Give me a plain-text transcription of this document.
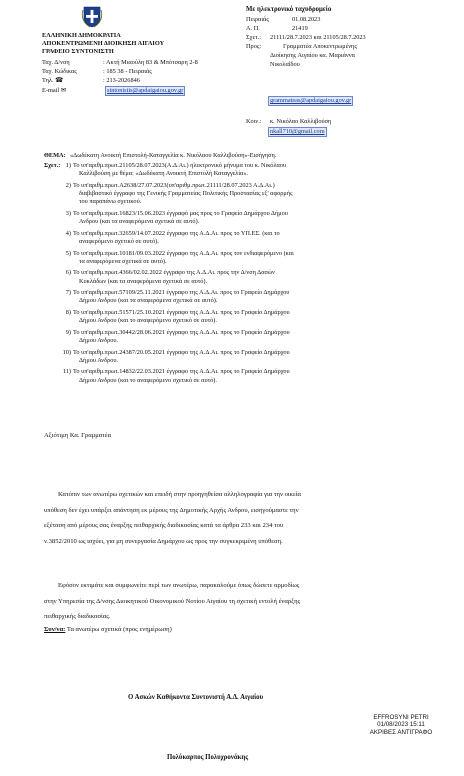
ΕΛΛΗΝΙΚΗ ΔΗΜΟΚΡΑΤΙΑ
ΑΠΟΚΕΝΤΡΩΜΕΝΗ ΔΙΟΙΚΗΣΗ ΑΙΓΑΙΟΥ
ΓΡΑΦΕΙΟ ΣΥΝΤΟΝΙΣΤΗ
Ταχ. Δ/νση	: Ακτή Μιαούλη 83 & Μπότσαρη 2-8
Ταχ. Κώδικας	: 185 38 - Πειραιάς
Τηλ. ☎	: 213-2026846
E-mail ✉	sintonistis@apdaigaiou.gov.gr
Με ηλεκτρονικό ταχυδρομείο
Πειραιάς	01.08.2023
Α. Π.	21419
Σχετ.: 21111/28.7.2023 και 21105/28.7.2023
Προς:	Γραμματέα Αποκεντρωμένης
Διοίκησης Αιγαίου κα. Μαριάννα
Νικολαΐδου
grammateas@apdaigaiou.gov.gr
Κοιν.: κ. Νικόλαο Καλλιβούση
nkall710@gmail.com
ΘΕΜΑ: «Δωδέκατη Ανοικτή Επιστολή-Καταγγελία κ. Νικόλαου Καλλιβούση»-Εισήγηση.
Σχετ.: 1) Το υπ'αριθμ.πρωτ.21105/28.07.2023(Α.Δ.Αι.) ηλεκτρονικό μήνυμα του κ. Νικόλαου
Καλλιβούση με θέμα: «Δωδέκατη Ανοικτή Επιστολή Καταγγελία».
2) Το υπ'αριθμ.πρωτ.Α2638/27.07.2023(υπ'αριθμ.πρωτ.21111/28.07.2023 Α.Δ.Αι.)
διαβιβαστικό έγγραφο της Γενικής Γραμματείας Πολιτικής Προστασίας εξ' αφορμής
του παραπάνω σχετικού.
3) Το υπ'αριθμ.πρωτ.16823/15.06.2023 έγγραφό μας προς το Γραφείο Δημάρχου Δήμου
Ανδρου (και τα αναφερόμενα σχετικά σε αυτό).
4) Το υπ'αριθμ.πρωτ.32659/14.07.2022 έγγραφο της Α.Δ.Αι. προς το ΥΠ.ΕΣ. (και το
αναφερόμενο σχετικό σε αυτό).
5) Το υπ'αριθμ.πρωτ.10181/09.03.2022 έγγραφο της Α.Δ.Αι. προς τον ενδιαφερόμενο (και
τα αναφερόμενα σχετικά σε αυτό).
6) Το υπ'αριθμ.πρωτ.4366/02.02.2022 έγγραφο της Α.Δ.Αι. προς την Δ/νση Δασών
Κυκλάδων (και τα αναφερόμενα σχετικά σε αυτό).
7) Το υπ'αριθμ.πρωτ.57109/25.11.2021 έγγραφο της Α.Δ.Αι. προς το Γραφείο Δημάρχου
Δήμου Ανδρου (και τα αναφερόμενα σχετικά σε αυτό).
8) Το υπ'αριθμ.πρωτ.51571/25.10.2021 έγγραφο της Α.Δ.Αι. προς το Γραφείο Δημάρχου
Δήμου Ανδρου (και το αναφερόμενο σχετικό σε αυτό).
9) Το υπ'αριθμ.πρωτ.30442/28.06.2021 έγγραφο της Α.Δ.Αι. προς το Γραφείο Δημάρχου
Δήμου Ανδρου.
10) Το υπ'αριθμ.πρωτ.24387/20.05.2021 έγγραφο της Α.Δ.Αι. προς το Γραφείο Δημάρχου
Δήμου Ανδρου.
11) Το υπ'αριθμ.πρωτ.14832/22.03.2021 έγγραφο της Α.Δ.Αι. προς το Γραφείο Δημάρχου
Δήμου Ανδρου (και το αναφερόμενο σχετικό σε αυτό).
Αξιότιμη Κα. Γραμματέα
Κατόπιν των ανωτέρω σχετικών και επειδή στην προηγηθείσα αλληλογραφία για την οικεία
υπόθεση δεν έχει υπάρξει απάντηση εκ μέρους της Δημοτικής Αρχής Ανδρου, εισηγούμαστε την
εξέταση από μέρους σας έναρξης πειθαρχικής διαδικασίας κατά τα άρθρα 233 και 234 του
ν.3852/2010 ως ισχύει, για μη συνεργασία Δημάρχου ως προς την συγκεκριμένη υπόθεση.
Εφόσον εκτιμάτε και συμφωνείτε περί των ανωτέρω, παρακαλούμε όπως δώσετε αρμοδίως
στην Υπηρεσία της Δ/νσης Διοικητικού Οικονομικού Νοτίου Αιγαίου τη σχετική εντολή έναρξης
πειθαρχικής διαδικασίας.
Συν/να: Τα ανωτέρω σχετικά (προς ενημέρωση)
Ο Ασκών Καθήκοντα Συντονιστή Α.Δ. Αιγαίου
Πολύκαρπος Πολυχρονάκης
EFFROSYNI PETRI
01/08/2023 15:11
ΑΚΡΙΒΕΣ ΑΝΤΙΓΡΑΦΟ
